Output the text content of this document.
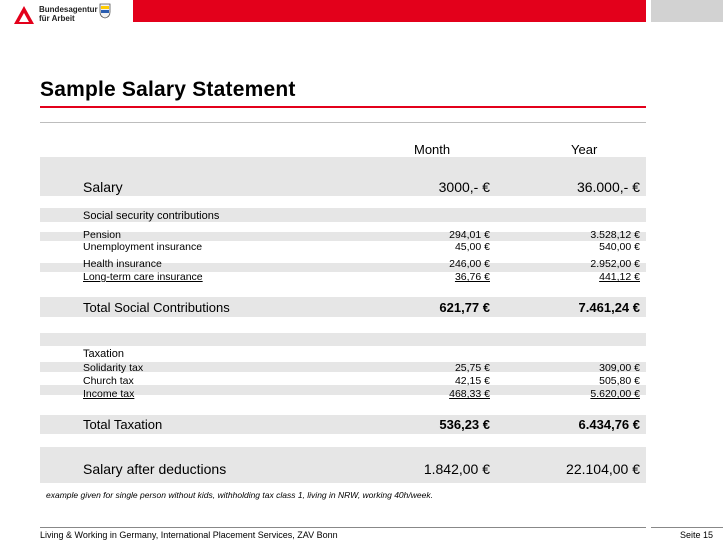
Bundesagentur
für Arbeit
Sample Salary Statement
Month	Year
Salary	3000,- €	36.000,- €
Social security contributions
Pension	294,01 €	3.528,12 €
Unemployment insurance	45,00 €	540,00 €
Health insurance	246,00 €	2.952,00 €
Long-term care insurance	36,76 €	441,12 €
Total Social Contributions	621,77 €	7.461,24 €
Taxation
Solidarity tax	25,75 €	309,00 €
Church tax	42,15 €	505,80 €
Income tax	468,33 €	5.620,00 €
Total Taxation	536,23 €	6.434,76 €
Salary after deductions	1.842,00 €	22.104,00 €
example given for single person without kids, withholding tax class 1, living in NRW, working 40h/week.
Living & Working in Germany, International Placement Services, ZAV Bonn	Seite 15
